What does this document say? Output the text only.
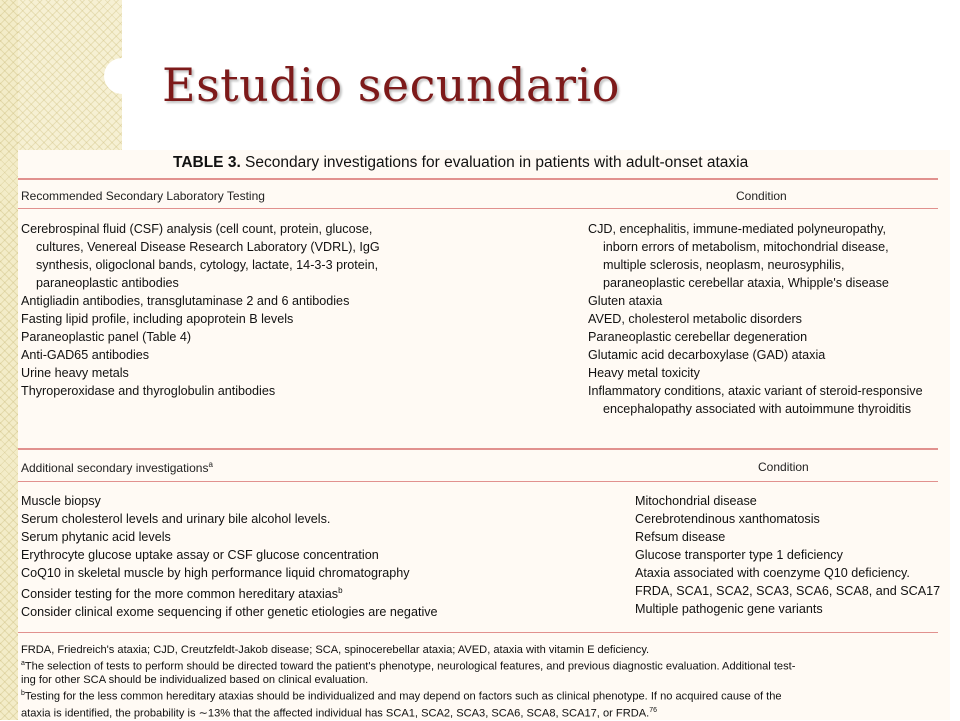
Estudio secundario
TABLE 3. Secondary investigations for evaluation in patients with adult-onset ataxia
Recommended Secondary Laboratory Testing	Condition
Cerebrospinal fluid (CSF) analysis (cell count, protein, glucose,
cultures, Venereal Disease Research Laboratory (VDRL), IgG
synthesis, oligoclonal bands, cytology, lactate, 14-3-3 protein,
paraneoplastic antibodies
Antigliadin antibodies, transglutaminase 2 and 6 antibodies
Fasting lipid profile, including apoprotein B levels
Paraneoplastic panel (Table 4)
Anti-GAD65 antibodies
Urine heavy metals
Thyroperoxidase and thyroglobulin antibodies
CJD, encephalitis, immune-mediated polyneuropathy,
inborn errors of metabolism, mitochondrial disease,
multiple sclerosis, neoplasm, neurosyphilis,
paraneoplastic cerebellar ataxia, Whipple's disease
Gluten ataxia
AVED, cholesterol metabolic disorders
Paraneoplastic cerebellar degeneration
Glutamic acid decarboxylase (GAD) ataxia
Heavy metal toxicity
Inflammatory conditions, ataxic variant of steroid-responsive
encephalopathy associated with autoimmune thyroiditis
Additional secondary investigations$^a$	Condition
Muscle biopsy
Serum cholesterol levels and urinary bile alcohol levels.
Serum phytanic acid levels
Erythrocyte glucose uptake assay or CSF glucose concentration
CoQ10 in skeletal muscle by high performance liquid chromatography
Consider testing for the more common hereditary ataxias$^b$
Consider clinical exome sequencing if other genetic etiologies are negative
Mitochondrial disease
Cerebrotendinous xanthomatosis
Refsum disease
Glucose transporter type 1 deficiency
Ataxia associated with coenzyme Q10 deficiency.
FRDA, SCA1, SCA2, SCA3, SCA6, SCA8, and SCA17
Multiple pathogenic gene variants
FRDA, Friedreich's ataxia; CJD, Creutzfeldt-Jakob disease; SCA, spinocerebellar ataxia; AVED, ataxia with vitamin E deficiency.
$^a$The selection of tests to perform should be directed toward the patient's phenotype, neurological features, and previous diagnostic evaluation. Additional test-
ing for other SCA should be individualized based on clinical evaluation.
$^b$Testing for the less common hereditary ataxias should be individualized and may depend on factors such as clinical phenotype. If no acquired cause of the
ataxia is identified, the probability is ∼13% that the affected individual has SCA1, SCA2, SCA3, SCA6, SCA8, SCA17, or FRDA.$^{76}$
